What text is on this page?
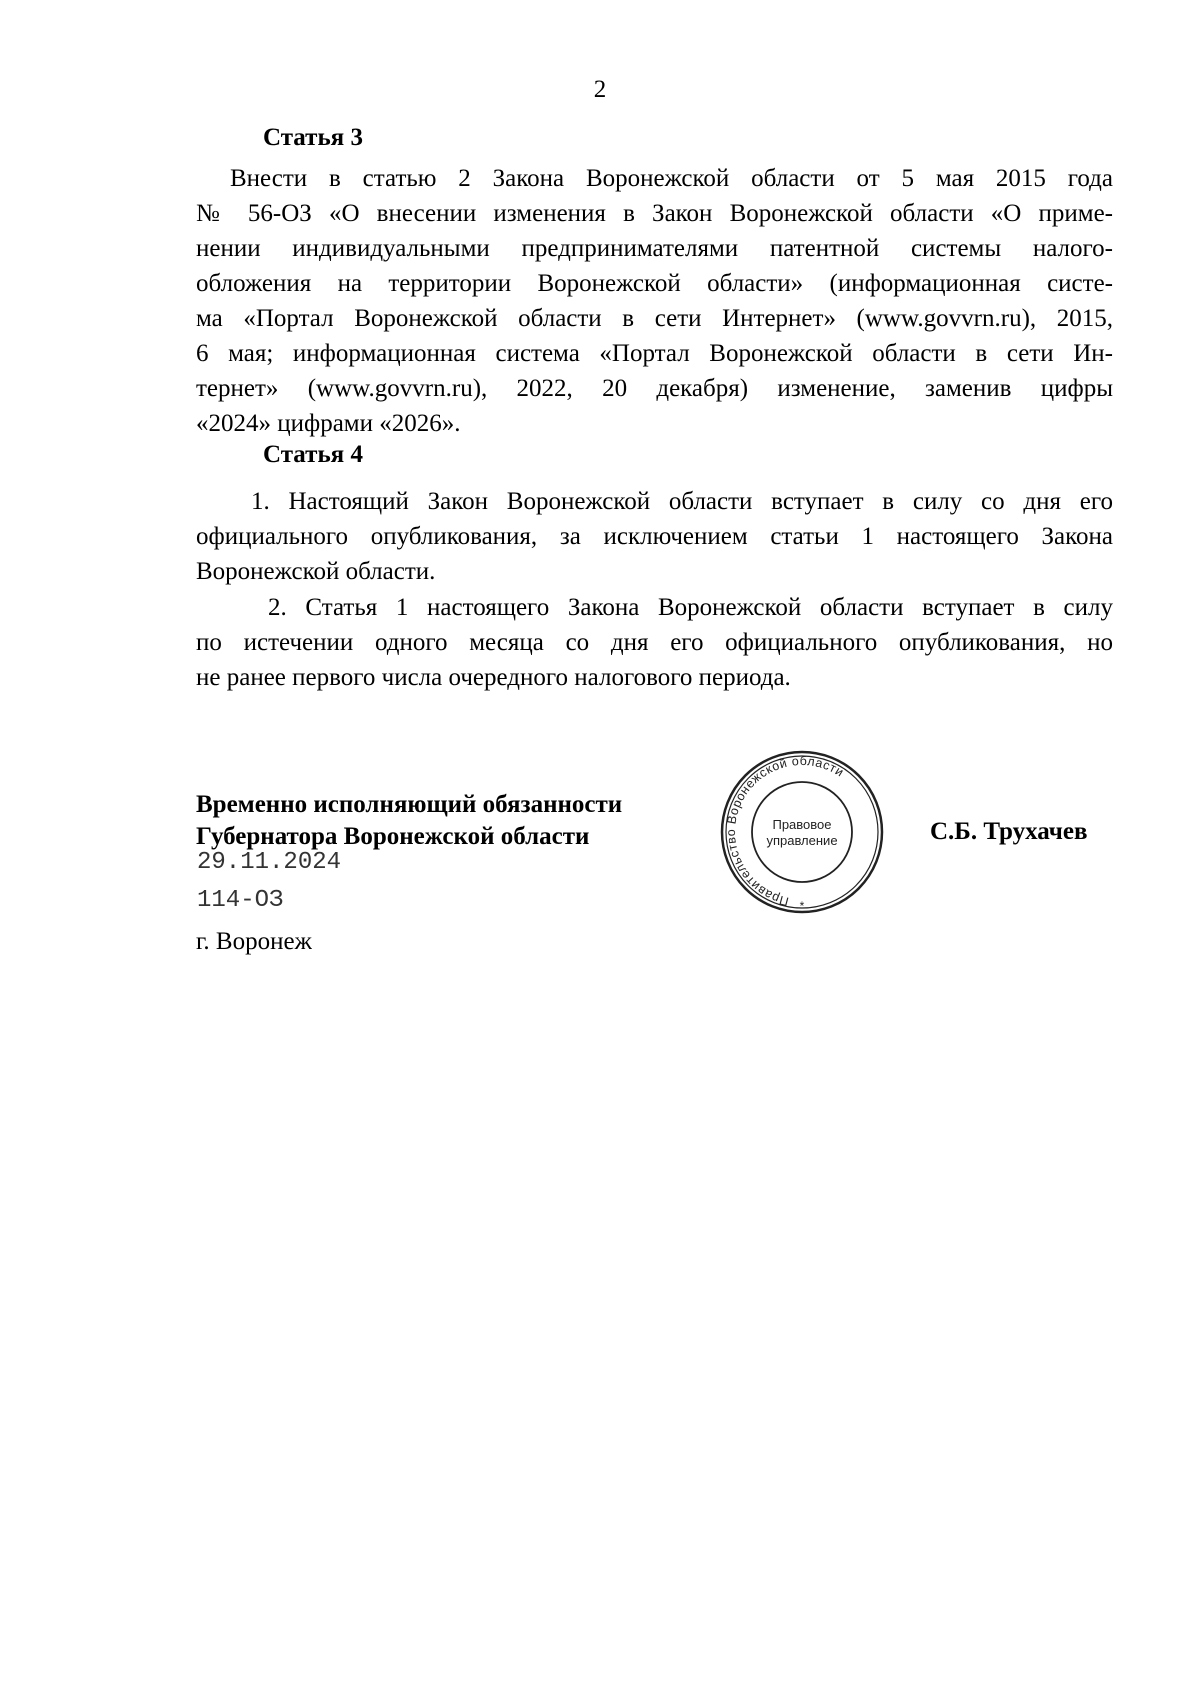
2
Статья 3
Внести в статью 2 Закона Воронежской области от 5 мая 2015 года
№ 56-ОЗ «О внесении изменения в Закон Воронежской области «О приме-
нении индивидуальными предпринимателями патентной системы налого-
обложения на территории Воронежской области» (информационная систе-
ма «Портал Воронежской области в сети Интернет» (www.govvrn.ru), 2015,
6 мая; информационная система «Портал Воронежской области в сети Ин-
тернет» (www.govvrn.ru), 2022, 20 декабря) изменение, заменив цифры
«2024» цифрами «2026».
Статья 4
1. Настоящий Закон Воронежской области вступает в силу со дня его
официального опубликования, за исключением статьи 1 настоящего Закона
Воронежской области.
2. Статья 1 настоящего Закона Воронежской области вступает в силу
по истечении одного месяца со дня его официального опубликования, но
не ранее первого числа очередного налогового периода.
Временно исполняющий обязанности
Губернатора Воронежской области
29.11.2024
114-ОЗ
г. Воронеж
С.Б. Трухачев
Правительство Воронежской области
Правовое
управление
*
